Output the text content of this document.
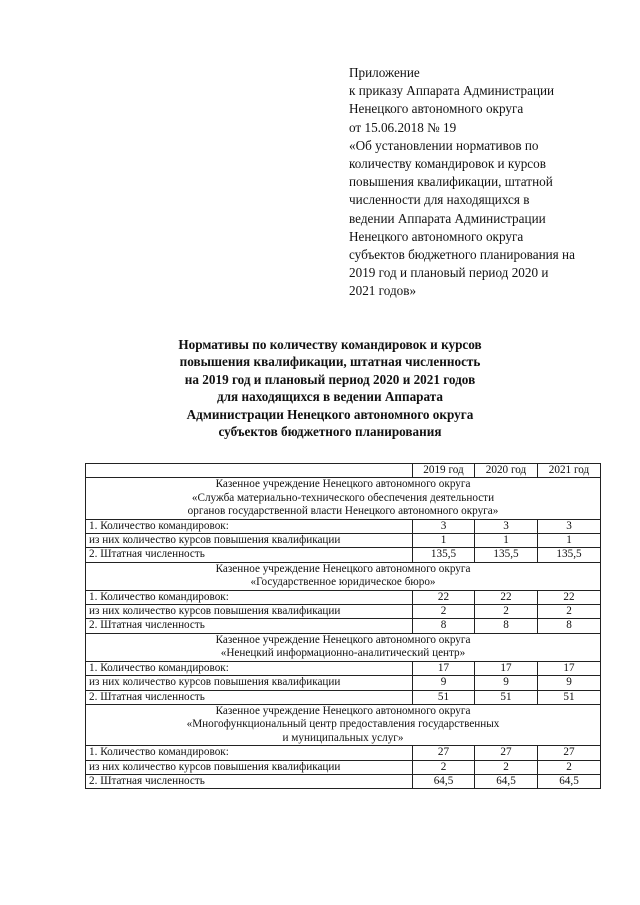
Приложение
к приказу Аппарата Администрации
Ненецкого автономного округа
от 15.06.2018 № 19
«Об установлении нормативов по
количеству командировок и курсов
повышения квалификации, штатной
численности для находящихся в
ведении Аппарата Администрации
Ненецкого автономного округа
субъектов бюджетного планирования на
2019 год и плановый период 2020 и
2021 годов»
Нормативы по количеству командировок и курсов
повышения квалификации, штатная численность
на 2019 год и плановый период 2020 и 2021 годов
для находящихся в ведении Аппарата
Администрации Ненецкого автономного округа
субъектов бюджетного планирования
	2019 год	2020 год	2021 год

Казенное учреждение Ненецкого автономного округа
«Служба материально-технического обеспечения деятельности
органов государственной власти Ненецкого автономного округа»			

1. Количество командировок:	3	3	3
из них количество курсов повышения квалификации	1	1	1
2. Штатная численность	135,5	135,5	135,5

Казенное учреждение Ненецкого автономного округа
«Государственное юридическое бюро»			

1. Количество командировок:	22	22	22
из них количество курсов повышения квалификации	2	2	2
2. Штатная численность	8	8	8

Казенное учреждение Ненецкого автономного округа
«Ненецкий информационно-аналитический центр»			

1. Количество командировок:	17	17	17
из них количество курсов повышения квалификации	9	9	9
2. Штатная численность	51	51	51

Казенное учреждение Ненецкого автономного округа
«Многофункциональный центр предоставления государственных
и муниципальных услуг»			

1. Количество командировок:	27	27	27
из них количество курсов повышения квалификации	2	2	2
2. Штатная численность	64,5	64,5	64,5
